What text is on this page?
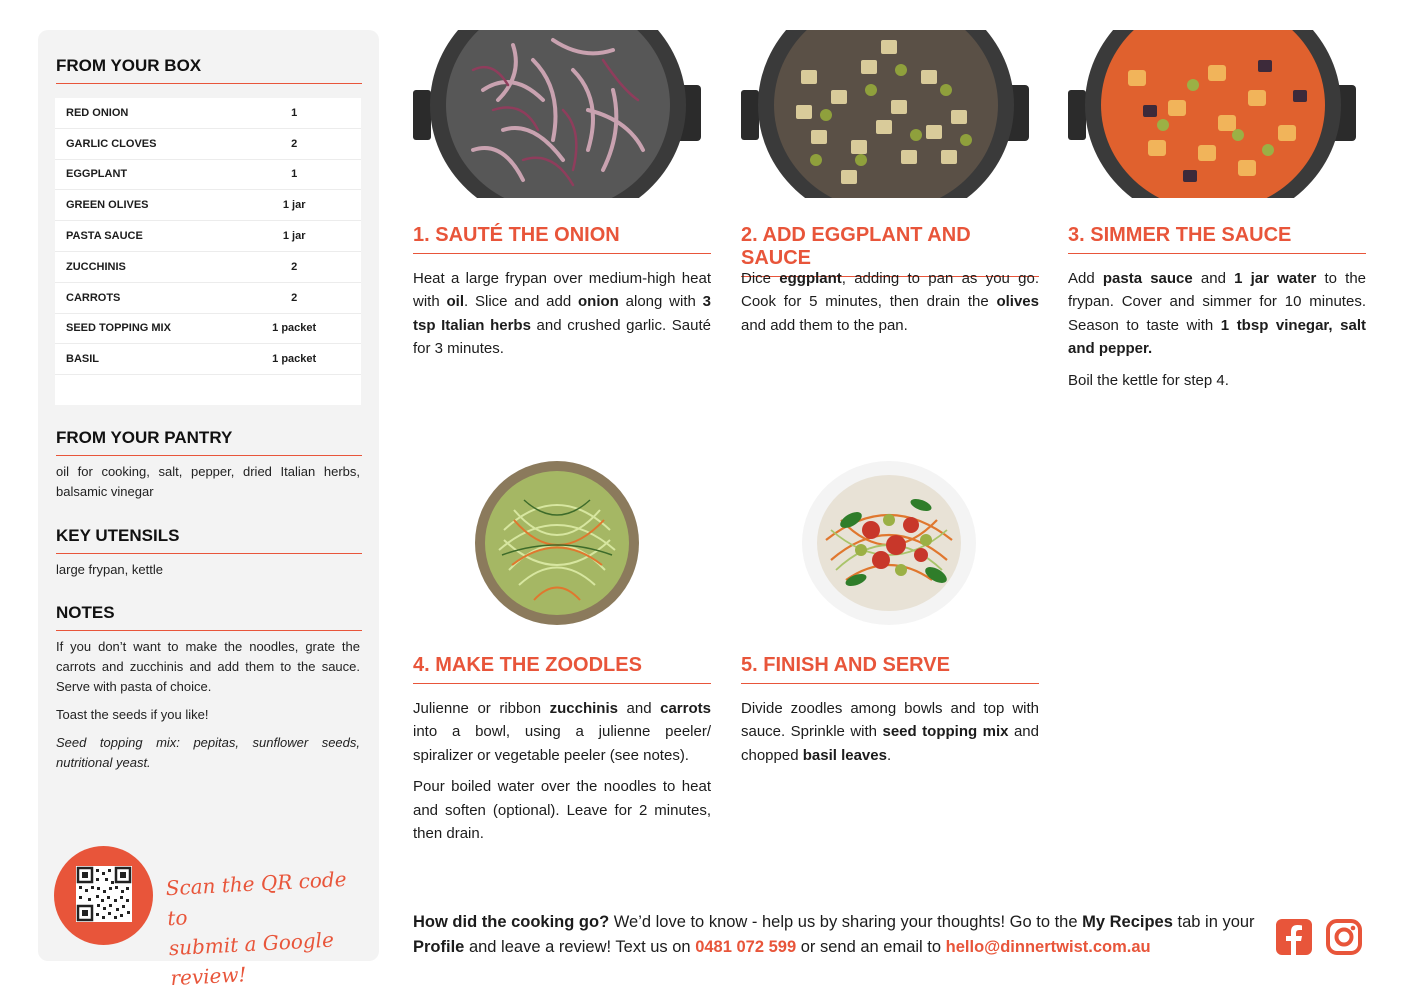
FROM YOUR BOX
RED ONION	1
GARLIC CLOVES	2
EGGPLANT	1
GREEN OLIVES	1 jar
PASTA SAUCE	1 jar
ZUCCHINIS	2
CARROTS	2
SEED TOPPING MIX	1 packet
BASIL	1 packet
FROM YOUR PANTRY

oil for cooking, salt, pepper, dried Italian herbs, balsamic vinegar

KEY UTENSILS

large frypan, kettle

NOTES

If you don’t want to make the noodles, grate the carrots and zucchinis and add them to the sauce. Serve with pasta of choice.

Toast the seeds if you like!

Seed topping mix: pepitas, sunflower seeds, nutritional yeast.

Scan the QR code to
submit a Google review!
1. SAUTÉ THE ONION

Heat a large frypan over medium-high heat with oil. Slice and add onion along with 3 tsp Italian herbs and crushed garlic. Sauté for 3 minutes.

2. ADD EGGPLANT AND SAUCE

Dice eggplant, adding to pan as you go. Cook for 5 minutes, then drain the olives and add them to the pan.

3. SIMMER THE SAUCE

Add pasta sauce and 1 jar water to the frypan. Cover and simmer for 10 minutes. Season to taste with 1 tbsp vinegar, salt and pepper.

Boil the kettle for step 4.

4. MAKE THE ZOODLES

Julienne or ribbon zucchinis and carrots into a bowl, using a julienne peeler/ spiralizer or vegetable peeler (see notes).

Pour boiled water over the noodles to heat and soften (optional). Leave for 2 minutes, then drain.

5. FINISH AND SERVE

Divide zoodles among bowls and top with sauce. Sprinkle with seed topping mix and chopped basil leaves.

How did the cooking go? We’d love to know - help us by sharing your thoughts! Go to the My Recipes tab in your Profile and leave a review! Text us on 0481 072 599 or send an email to hello@dinnertwist.com.au
